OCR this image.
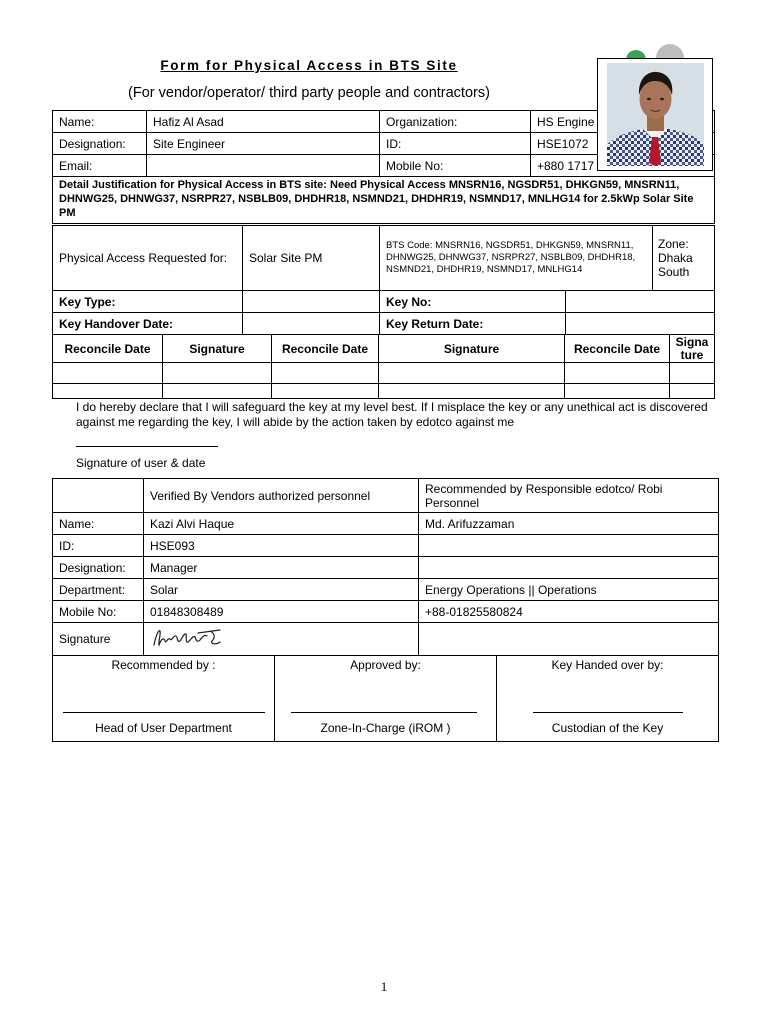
Form for Physical Access in BTS Site
(For vendor/operator/ third party people and contractors)
Name:	Hafiz Al Asad	Organization:	HS Engine
Designation:	Site Engineer	ID:	HSE1072
Email:		Mobile No:	+880 1717
Detail Justification for Physical Access in BTS site: Need Physical Access MNSRN16, NGSDR51, DHKGN59, MNSRN11, DHNWG25, DHNWG37, NSRPR27, NSBLB09, DHDHR18, NSMND21, DHDHR19, NSMND17, MNLHG14 for 2.5kWp Solar Site PM			
Physical Access Requested for:	Solar Site PM	BTS Code: MNSRN16, NGSDR51, DHKGN59, MNSRN11, DHNWG25, DHNWG37, NSRPR27, NSBLB09, DHDHR18, NSMND21, DHDHR19, NSMND17, MNLHG14	Zone: Dhaka South
Key Type:		Key No:	
Key Handover Date:		Key Return Date:	
Reconcile Date	Signature	Reconcile Date	Signature	Reconcile Date	Signa ture

I do hereby declare that I will safeguard the key at my level best. If I misplace the key or any unethical act is discovered against me regarding the key, I will abide by the action taken by edotco against me
Signature of user & date
	Verified By Vendors authorized personnel	Recommended by Responsible edotco/ Robi Personnel
Name:	Kazi Alvi Haque	Md. Arifuzzaman
ID:	HSE093	
Designation:	Manager	
Department:	Solar	Energy Operations || Operations
Mobile No:	01848308489	+88-01825580824
Signature		
Recommended by :
Head of User Department

Approved by:
Zone-In-Charge (iROM )

Key Handed over by:
Custodian of the Key
1
